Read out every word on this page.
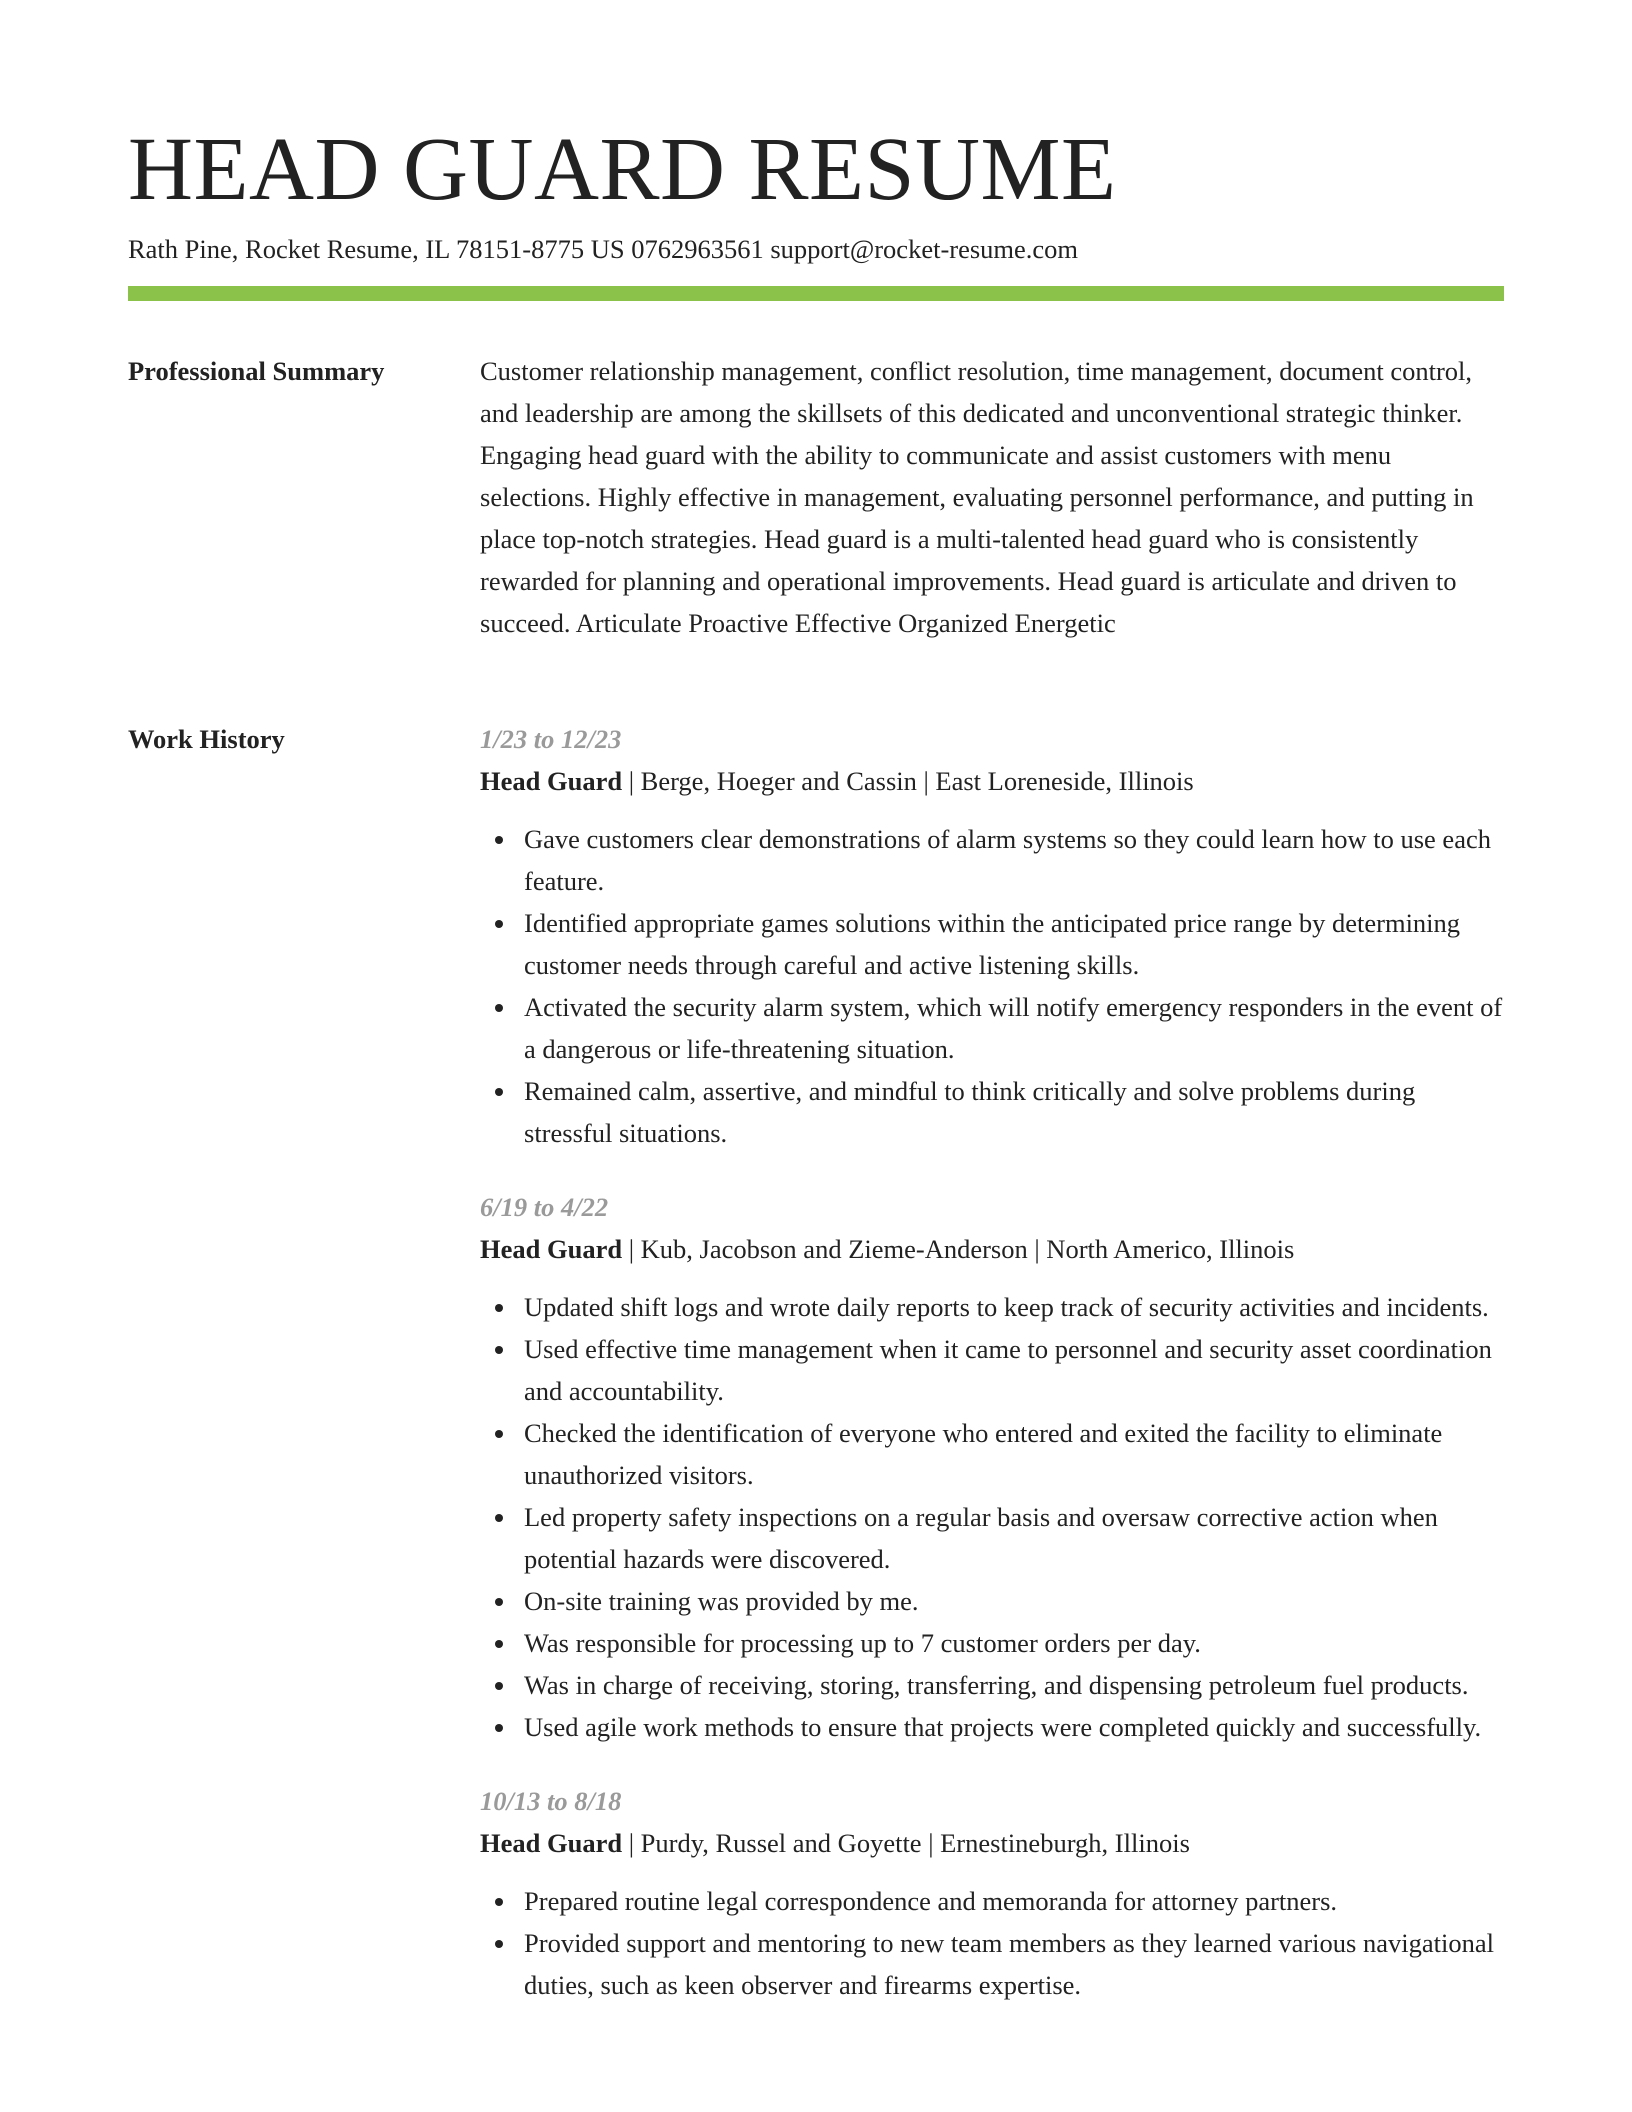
HEAD GUARD RESUME
Rath Pine, Rocket Resume, IL 78151-8775 US 0762963561 support@rocket-resume.com
Professional Summary	Customer relationship management, conflict resolution, time management, document control, and leadership are among the skillsets of this dedicated and unconventional strategic thinker. Engaging head guard with the ability to communicate and assist customers with menu selections. Highly effective in management, evaluating personnel performance, and putting in place top-notch strategies. Head guard is a multi-talented head guard who is consistently rewarded for planning and operational improvements. Head guard is articulate and driven to succeed. Articulate Proactive Effective Organized Energetic

Work History	1/23 to 12/23
Head Guard | Berge, Hoeger and Cassin | East Loreneside, Illinois
Gave customers clear demonstrations of alarm systems so they could learn how to use each feature.
Identified appropriate games solutions within the anticipated price range by determining customer needs through careful and active listening skills.
Activated the security alarm system, which will notify emergency responders in the event of a dangerous or life-threatening situation.
Remained calm, assertive, and mindful to think critically and solve problems during stressful situations.
6/19 to 4/22
Head Guard | Kub, Jacobson and Zieme-Anderson | North Americo, Illinois
Updated shift logs and wrote daily reports to keep track of security activities and incidents.
Used effective time management when it came to personnel and security asset coordination and accountability.
Checked the identification of everyone who entered and exited the facility to eliminate unauthorized visitors.
Led property safety inspections on a regular basis and oversaw corrective action when potential hazards were discovered.
On-site training was provided by me.
Was responsible for processing up to 7 customer orders per day.
Was in charge of receiving, storing, transferring, and dispensing petroleum fuel products.
Used agile work methods to ensure that projects were completed quickly and successfully.
10/13 to 8/18
Head Guard | Purdy, Russel and Goyette | Ernestineburgh, Illinois
Prepared routine legal correspondence and memoranda for attorney partners.
Provided support and mentoring to new team members as they learned various navigational duties, such as keen observer and firearms expertise.
